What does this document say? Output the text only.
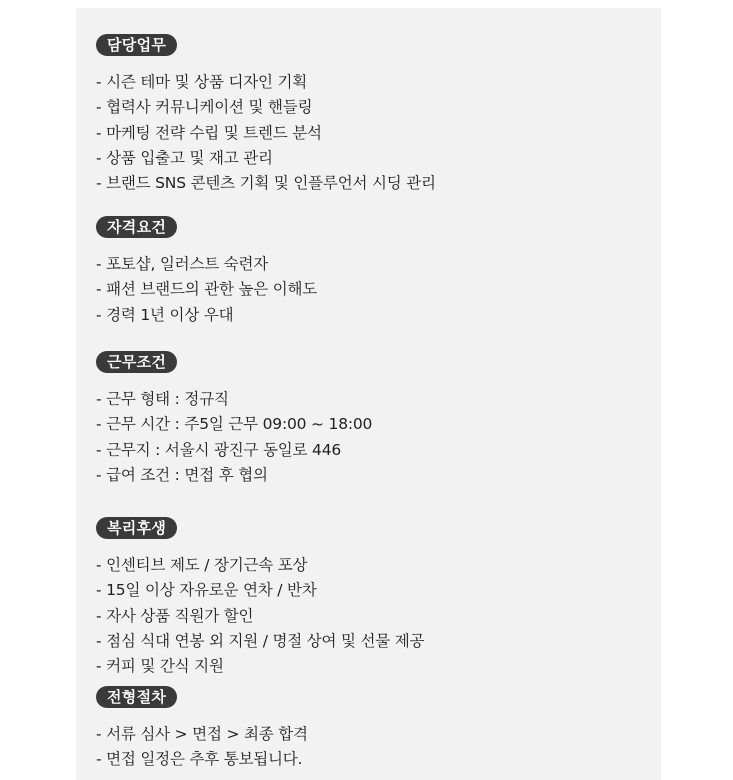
담당업무
- 시즌 테마 및 상품 디자인 기획
- 협력사 커뮤니케이션 및 핸들링
- 마케팅 전략 수립 및 트렌드 분석
- 상품 입출고 및 재고 관리
- 브랜드 SNS 콘텐츠 기획 및 인플루언서 시딩 관리
자격요건
- 포토샵, 일러스트 숙련자
- 패션 브랜드의 관한 높은 이해도
- 경력 1년 이상 우대
근무조건
- 근무 형태 : 정규직
- 근무 시간 : 주5일 근무 09:00 ~ 18:00
- 근무지 : 서울시 광진구 동일로 446
- 급여 조건 : 면접 후 협의
복리후생
- 인센티브 제도 / 장기근속 포상
- 15일 이상 자유로운 연차 / 반차
- 자사 상품 직원가 할인
- 점심 식대 연봉 외 지원 / 명절 상여 및 선물 제공
- 커피 및 간식 지원
전형절차
- 서류 심사 > 면접 > 최종 합격
- 면접 일정은 추후 통보됩니다.
